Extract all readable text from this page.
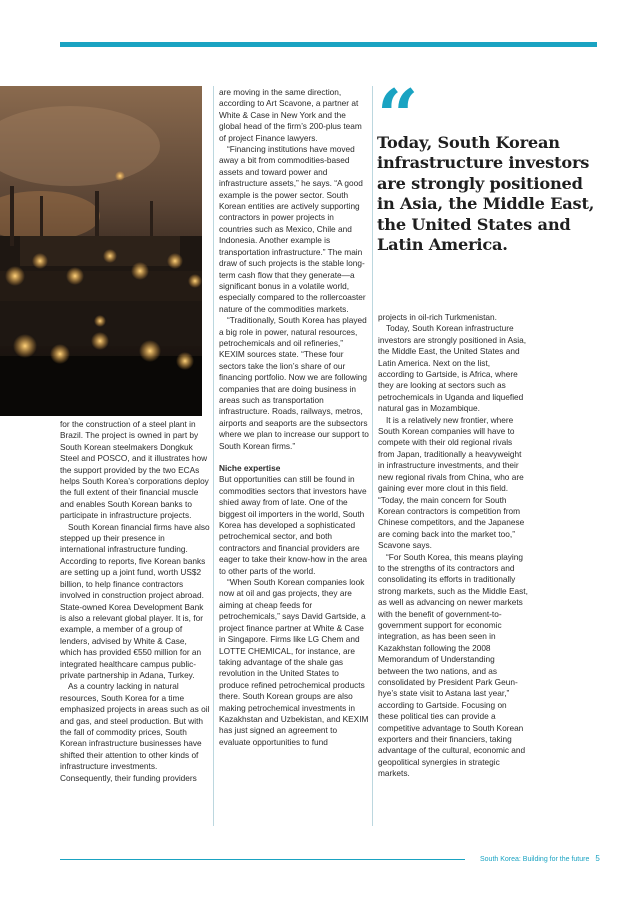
for the construction of a steel plant in Brazil. The project is owned in part by South Korean steelmakers Dongkuk Steel and POSCO, and it illustrates how the support provided by the two ECAs helps South Korea’s corporations deploy the full extent of their financial muscle and enables South Korean banks to participate in infrastructure projects.

South Korean financial firms have also stepped up their presence in international infrastructure funding. According to reports, five Korean banks are setting up a joint fund, worth US$2 billion, to help finance contractors involved in construction project abroad. State-owned Korea Development Bank is also a relevant global player. It is, for example, a member of a group of lenders, advised by White & Case, which has provided €550 million for an integrated healthcare campus public-private partnership in Adana, Turkey.

As a country lacking in natural resources, South Korea for a time emphasized projects in areas such as oil and gas, and steel production. But with the fall of commodity prices, South Korean infrastructure businesses have shifted their attention to other kinds of infrastructure investments. Consequently, their funding providers

are moving in the same direction, according to Art Scavone, a partner at White & Case in New York and the global head of the firm’s 200-plus team of project Finance lawyers.

“Financing institutions have moved away a bit from commodities-based assets and toward power and infrastructure assets,” he says. “A good example is the power sector. South Korean entities are actively supporting contractors in power projects in countries such as Mexico, Chile and Indonesia. Another example is transportation infrastructure.” The main draw of such projects is the stable long-term cash flow that they generate—a significant bonus in a volatile world, especially compared to the rollercoaster nature of the commodities markets.

“Traditionally, South Korea has played a big role in power, natural resources, petrochemicals and oil refineries,” KEXIM sources state. “These four sectors take the lion’s share of our financing portfolio. Now we are following companies that are doing business in areas such as transportation infrastructure. Roads, railways, metros, airports and seaports are the subsectors where we plan to increase our support to South Korean firms.”

Niche expertise

But opportunities can still be found in commodities sectors that investors have shied away from of late. One of the biggest oil importers in the world, South Korea has developed a sophisticated petrochemical sector, and both contractors and financial providers are eager to take their know-how in the area to other parts of the world.

“When South Korean companies look now at oil and gas projects, they are aiming at cheap feeds for petrochemicals,” says David Gartside, a project finance partner at White & Case in Singapore. Firms like LG Chem and LOTTE CHEMICAL, for instance, are taking advantage of the shale gas revolution in the United States to produce refined petrochemical products there. South Korean groups are also making petrochemical investments in Kazakhstan and Uzbekistan, and KEXIM has just signed an agreement to evaluate opportunities to fund

“
Today, South Korean infrastructure investors are strongly positioned in Asia, the Middle East, the United States and Latin America.

projects in oil-rich Turkmenistan.

Today, South Korean infrastructure investors are strongly positioned in Asia, the Middle East, the United States and Latin America. Next on the list, according to Gartside, is Africa, where they are looking at sectors such as petrochemicals in Uganda and liquefied natural gas in Mozambique.

It is a relatively new frontier, where South Korean companies will have to compete with their old regional rivals from Japan, traditionally a heavyweight in infrastructure investments, and their new regional rivals from China, who are gaining ever more clout in this field. “Today, the main concern for South Korean contractors is competition from Chinese competitors, and the Japanese are coming back into the market too,” Scavone says.

“For South Korea, this means playing to the strengths of its contractors and consolidating its efforts in traditionally strong markets, such as the Middle East, as well as advancing on newer markets with the benefit of government-to-government support for economic integration, as has been seen in Kazakhstan following the 2008 Memorandum of Understanding between the two nations, and as consolidated by President Park Geun-hye’s state visit to Astana last year,” according to Gartside. Focusing on these political ties can provide a competitive advantage to South Korean exporters and their financiers, taking advantage of the cultural, economic and geopolitical synergies in strategic markets.

South Korea: Building for the future 5
